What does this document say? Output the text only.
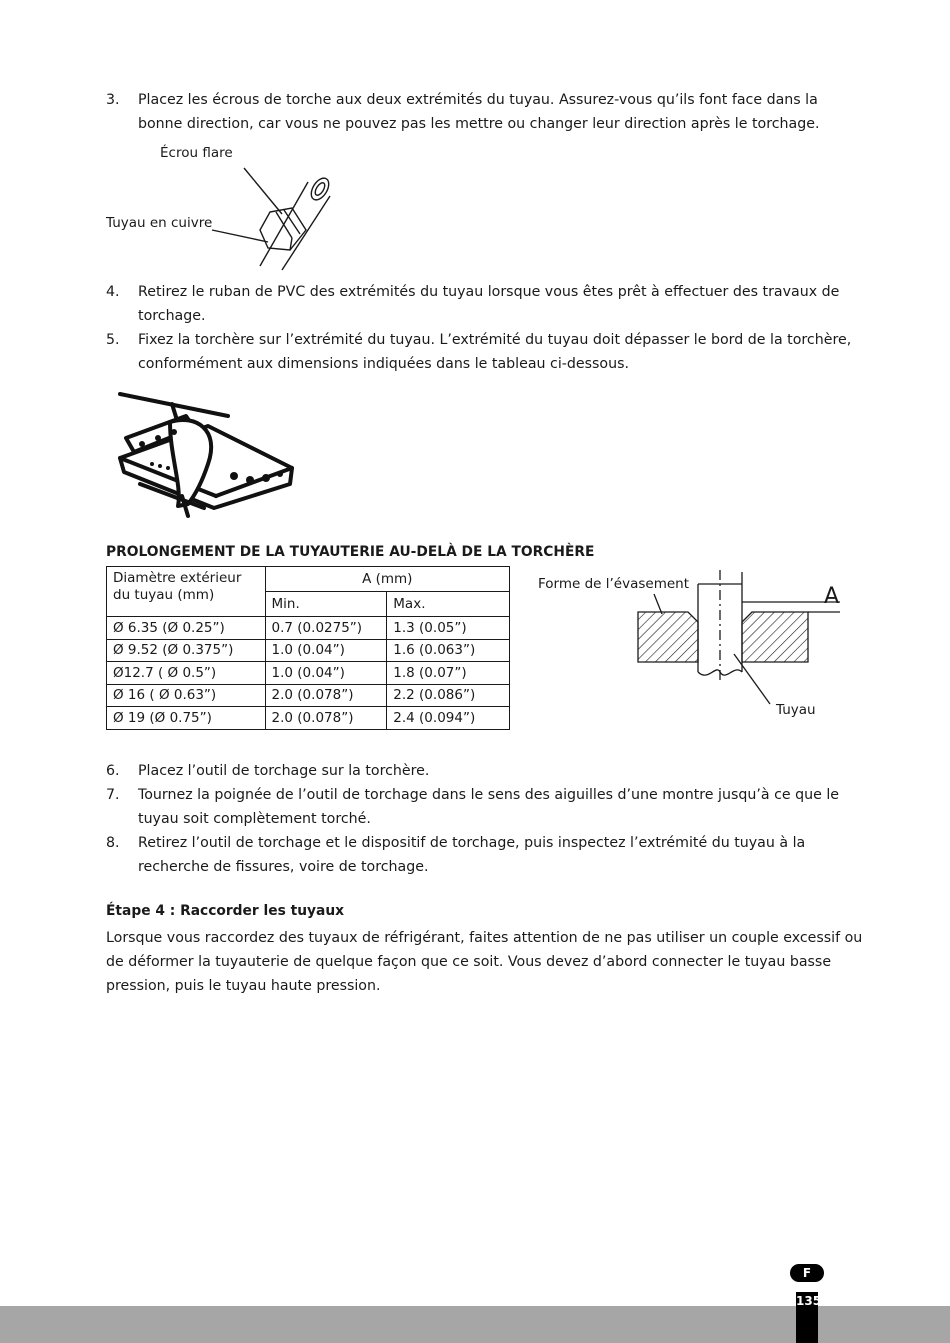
3. Placez les écrous de torche aux deux extrémités du tuyau. Assurez-vous qu’ils font face dans la bonne direction, car vous ne pouvez pas les mettre ou changer leur direction après le torchage.
Écrou flare
Tuyau en cuivre
4. Retirez le ruban de PVC des extrémités du tuyau lorsque vous êtes prêt à effectuer des travaux de torchage.
5. Fixez la torchère sur l’extrémité du tuyau. L’extrémité du tuyau doit dépasser le bord de la torchère, conformément aux dimensions indiquées dans le tableau ci-dessous.
PROLONGEMENT DE LA TUYAUTERIE AU-DELÀ DE LA TORCHÈRE
Diamètre extérieur du tuyau (mm)	A (mm)	
	Min.	Max.
Ø 6.35 (Ø 0.25”)	0.7 (0.0275”)	1.3 (0.05”)
Ø 9.52 (Ø 0.375”)	1.0 (0.04”)	1.6 (0.063”)
Ø12.7 ( Ø 0.5”)	1.0 (0.04”)	1.8 (0.07”)
Ø 16 ( Ø 0.63”)	2.0 (0.078”)	2.2 (0.086”)
Ø 19 (Ø 0.75”)	2.0 (0.078”)	2.4 (0.094”)
Forme de l’évasement
Tuyau
A
6. Placez l’outil de torchage sur la torchère.
7. Tournez la poignée de l’outil de torchage dans le sens des aiguilles d’une montre jusqu’à ce que le tuyau soit complètement torché.
8. Retirez l’outil de torchage et le dispositif de torchage, puis inspectez l’extrémité du tuyau à la recherche de fissures, voire de torchage.
Étape 4 : Raccorder les tuyaux
Lorsque vous raccordez des tuyaux de réfrigérant, faites attention de ne pas utiliser un couple excessif ou de déformer la tuyauterie de quelque façon que ce soit. Vous devez d’abord connecter le tuyau basse pression, puis le tuyau haute pression.
F
135
